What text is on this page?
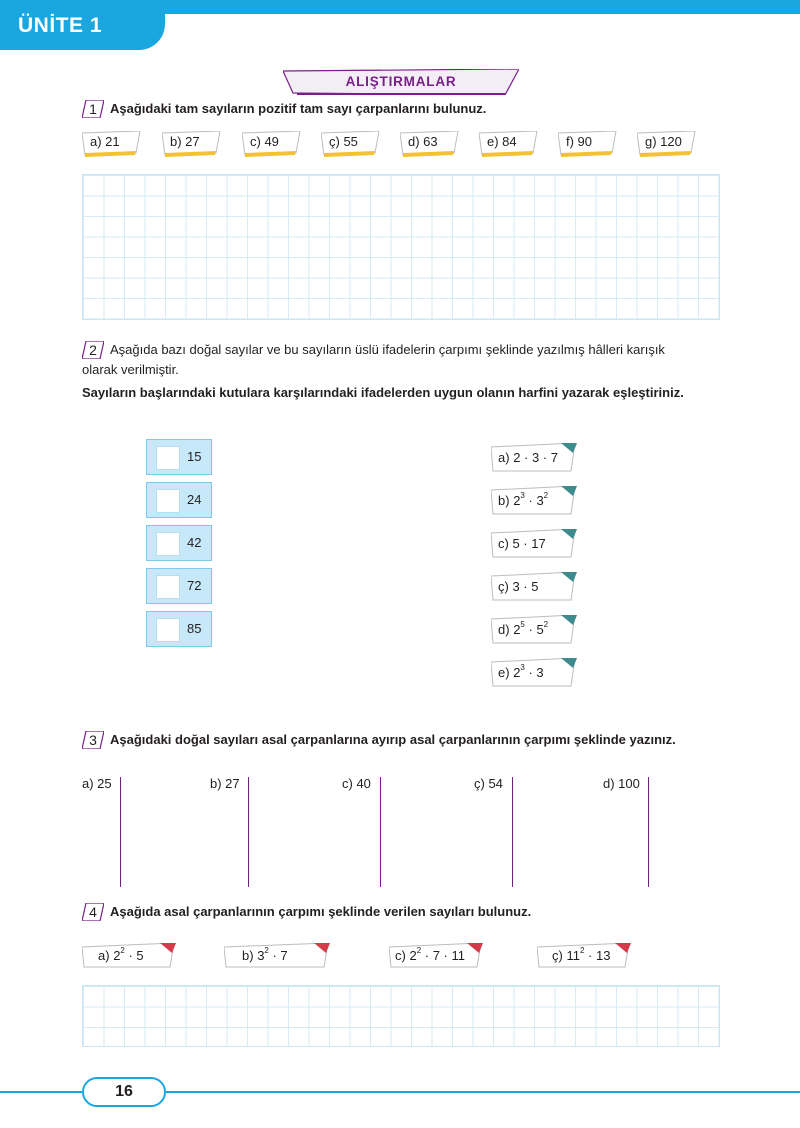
ÜNİTE 1
ALIŞTIRMALAR
1	Aşağıdaki tam sayıların pozitif tam sayı çarpanlarını bulunuz.
a) 21	b) 27	c) 49	ç) 55	d) 63	e) 84	f) 90	g) 120
2	Aşağıda bazı doğal sayılar ve bu sayıların üslü ifadelerin çarpımı şeklinde yazılmış hâlleri karışık
olarak verilmiştir.
Sayıların başlarındaki kutulara karşılarındaki ifadelerden uygun olanın harfini yazarak eşleştiriniz.
15
24
42
72
85
a) 2 · 3 · 7
b) $2^3 \cdot 3^2$
c) 5 · 17
ç) 3 · 5
d) $2^5 \cdot 5^2$
e) $2^3 \cdot 3$
3	Aşağıdaki doğal sayıları asal çarpanlarına ayırıp asal çarpanlarının çarpımı şeklinde yazınız.
a) 25	b) 27	c) 40	ç) 54	d) 100
4	Aşağıda asal çarpanlarının çarpımı şeklinde verilen sayıları bulunuz.
a) $2^2 \cdot 5$	b) $3^2 \cdot 7$	c) $2^2 \cdot 7 \cdot 11$	ç) $11^2 \cdot 13$
16
